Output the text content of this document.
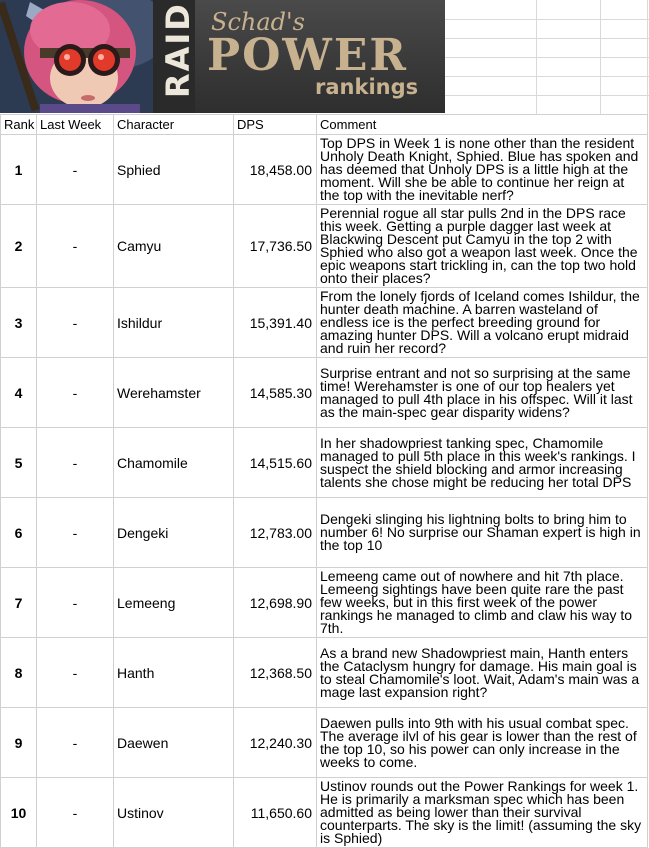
RAID Schad's
POWER
rankings
Rank	Last Week	Character	DPS	Comment
1	-	Sphied	18,458.00	Top DPS in Week 1 is none other than the resident Unholy Death Knight, Sphied. Blue has spoken and has deemed that Unholy DPS is a little high at the moment. Will she be able to continue her reign at the top with the inevitable nerf?
2	-	Camyu	17,736.50	Perennial rogue all star pulls 2nd in the DPS race this week. Getting a purple dagger last week at Blackwing Descent put Camyu in the top 2 with Sphied who also got a weapon last week. Once the epic weapons start trickling in, can the top two hold onto their places?
3	-	Ishildur	15,391.40	From the lonely fjords of Iceland comes Ishildur, the hunter death machine. A barren wasteland of endless ice is the perfect breeding ground for amazing hunter DPS. Will a volcano erupt midraid and ruin her record?
4	-	Werehamster	14,585.30	Surprise entrant and not so surprising at the same time! Werehamster is one of our top healers yet managed to pull 4th place in his offspec. Will it last as the main-spec gear disparity widens?
5	-	Chamomile	14,515.60	In her shadowpriest tanking spec, Chamomile managed to pull 5th place in this week's rankings. I suspect the shield blocking and armor increasing talents she chose might be reducing her total DPS
6	-	Dengeki	12,783.00	Dengeki slinging his lightning bolts to bring him to number 6! No surprise our Shaman expert is high in the top 10
7	-	Lemeeng	12,698.90	Lemeeng came out of nowhere and hit 7th place. Lemeeng sightings have been quite rare the past few weeks, but in this first week of the power rankings he managed to climb and claw his way to 7th.
8	-	Hanth	12,368.50	As a brand new Shadowpriest main, Hanth enters the Cataclysm hungry for damage. His main goal is to steal Chamomile's loot. Wait, Adam's main was a mage last expansion right?
9	-	Daewen	12,240.30	Daewen pulls into 9th with his usual combat spec. The average ilvl of his gear is lower than the rest of the top 10, so his power can only increase in the weeks to come.
10	-	Ustinov	11,650.60	Ustinov rounds out the Power Rankings for week 1. He is primarily a marksman spec which has been admitted as being lower than their survival counterparts. The sky is the limit! (assuming the sky is Sphied)
